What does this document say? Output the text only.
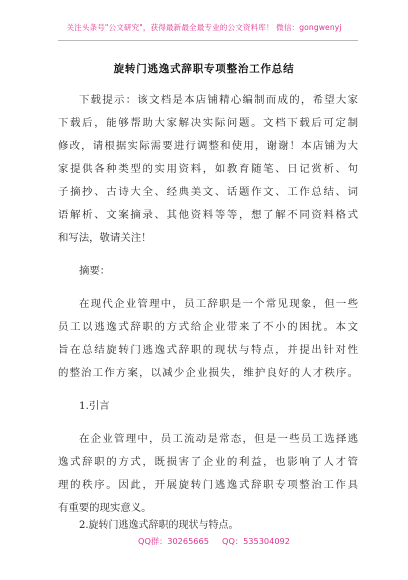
关注头条号"公文研究"，获得最新最全最专业的公文资料库！ 微信：gongwenyj
旋转门逃逸式辞职专项整治工作总结
下载提示：该文档是本店铺精心编制而成的，希望大家
下载后，能够帮助大家解决实际问题。文档下载后可定制
修改，请根据实际需要进行调整和使用，谢谢！本店铺为大
家提供各种类型的实用资料，如教育随笔、日记赏析、句
子摘抄、古诗大全、经典美文、话题作文、工作总结、词
语解析、文案摘录、其他资料等等，想了解不同资料格式
和写法，敬请关注！
摘要：
在现代企业管理中，员工辞职是一个常见现象，但一些
员工以逃逸式辞职的方式给企业带来了不小的困扰。本文
旨在总结旋转门逃逸式辞职的现状与特点，并提出针对性
的整治工作方案，以减少企业损失，维护良好的人才秩序。
1.引言
在企业管理中，员工流动是常态，但是一些员工选择逃
逸式辞职的方式，既损害了企业的利益，也影响了人才管
理的秩序。因此，开展旋转门逃逸式辞职专项整治工作具
有重要的现实意义。
2.旋转门逃逸式辞职的现状与特点。
QQ群：30265665 QQ：535304092
